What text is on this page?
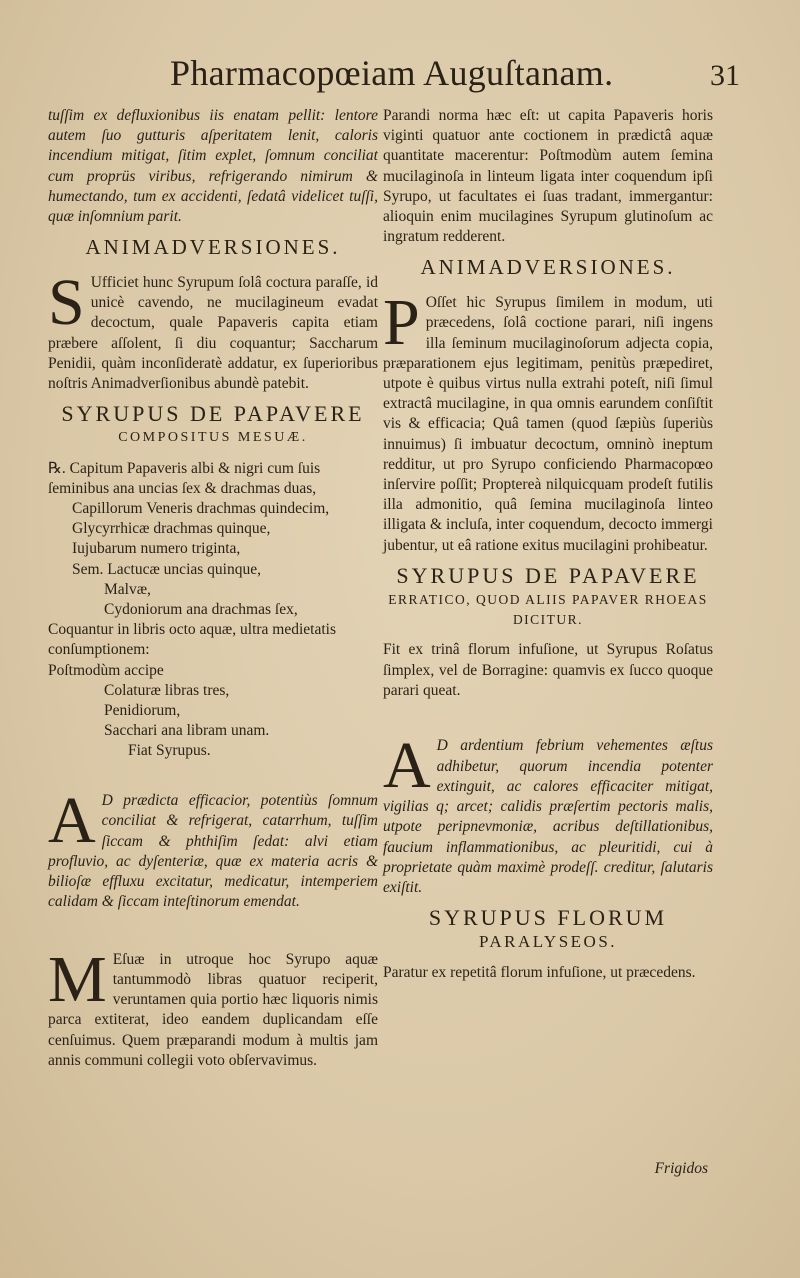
Pharmacopœiam Auguſtanam.	31

tuſſim ex defluxionibus iis enatam pellit: lentore autem ſuo gutturis aſperitatem lenit, caloris incendium mitigat, ſitim explet, ſomnum conciliat cum proprüs viribus, refrigerando nimirum & humectando, tum ex accidenti, ſedatâ videlicet tuſſi, quæ inſomnium parit.

ANIMADVERSIONES.

S Ufficiet hunc Syrupum ſolâ coctura paraſſe, id unicè cavendo, ne mucilagineum evadat decoctum, quale Papaveris capita etiam præbere aſſolent, ſi diu coquantur; Saccharum Penidii, quàm inconſideratè addatur, ex ſuperioribus noſtris Animadverſionibus abundè patebit.

SYRUPUS DE PAPAVERE
COMPOSITUS MESUÆ.
℞. Capitum Papaveris albi & nigri cum ſuis ſeminibus ana uncias ſex & drachmas duas,
Capillorum Veneris drachmas quindecim,
Glycyrrhicæ drachmas quinque,
Iujubarum numero triginta,
Sem. Lactucæ uncias quinque,
Malvæ,
Cydoniorum ana drachmas ſex,
Coquantur in libris octo aquæ, ultra medietatis conſumptionem:
Poſtmodùm accipe
Colaturæ libras tres,
Penidiorum,
Sacchari ana libram unam.
Fiat Syrupus.

A D prædicta efficacior, potentiùs ſomnum conciliat & refrigerat, catarrhum, tuſſim ſiccam & phthiſim ſedat: alvi etiam profluvio, ac dyſenteriæ, quæ ex materia acris & bilioſæ effluxu excitatur, medicatur, intemperiem calidam & ſiccam inteſtinorum emendat.

M Eſuæ in utroque hoc Syrupo aquæ tantummodò libras quatuor reciperit, veruntamen quia portio hæc liquoris nimis parca extiterat, ideo eandem duplicandam eſſe cenſuimus. Quem præparandi modum à multis jam annis communi collegii voto obſervavimus.

Parandi norma hæc eſt: ut capita Papaveris horis viginti quatuor ante coctionem in prædictâ aquæ quantitate macerentur: Poſtmodùm autem ſemina mucilaginoſa in linteum ligata inter coquendum ipſi Syrupo, ut facultates ei ſuas tradant, immergantur: alioquin enim mucilagines Syrupum glutinoſum ac ingratum redderent.

ANIMADVERSIONES.

P Oſſet hic Syrupus ſimilem in modum, uti præcedens, ſolâ coctione parari, niſi ingens illa ſeminum mucilaginoſorum adjecta copia, præparationem ejus legitimam, penitùs præpediret, utpote è quibus virtus nulla extrahi poteſt, niſi ſimul extractâ mucilagine, in qua omnis earundem conſiſtit vis & efficacia; Quâ tamen (quod ſæpiùs ſuperiùs innuimus) ſi imbuatur decoctum, omninò ineptum redditur, ut pro Syrupo conficiendo Pharmacopœo inſervire poſſit; Proptereà nilquicquam prodeſt futilis illa admonitio, quâ ſemina mucilaginoſa linteo illigata & incluſa, inter coquendum, decocto immergi jubentur, ut eâ ratione exitus mucilagini prohibeatur.

SYRUPUS DE PAPAVERE
ERRATICO, QUOD ALIIS PAPAVER RHOEAS DICITUR.

Fit ex trinâ florum infuſione, ut Syrupus Roſatus ſimplex, vel de Borragine: quamvis ex ſucco quoque parari queat.

A D ardentium febrium vehementes æſtus adhibetur, quorum incendia potenter extinguit, ac calores efficaciter mitigat, vigilias q; arcet; calidis præſertim pectoris malis, utpote peripnevmoniæ, acribus deſtillationibus, faucium inflammationibus, ac pleuritidi, cui à proprietate quàm maximè prodeſſ. creditur, ſalutaris exiſtit.

SYRUPUS FLORUM
PARALYSEOS.

Paratur ex repetitâ florum infuſione, ut præcedens.

Frigidos
